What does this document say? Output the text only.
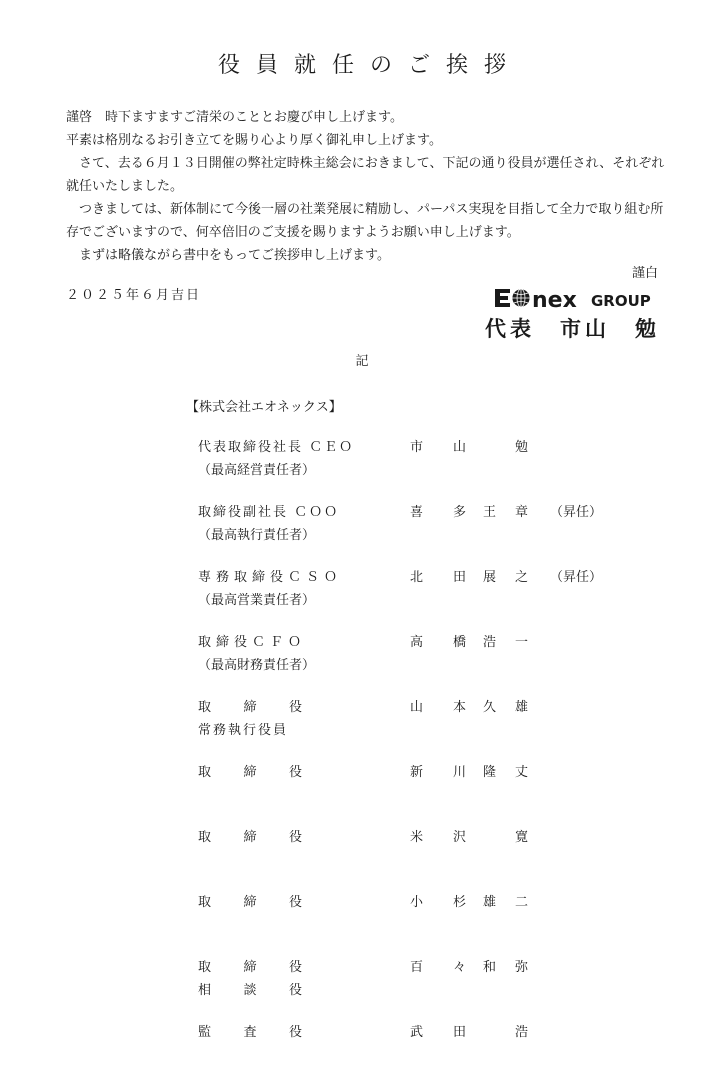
役員就任のご挨拶

謹啓　時下ますますご清栄のこととお慶び申し上げます。

平素は格別なるお引き立てを賜り心より厚く御礼申し上げます。

さて、去る６月１３日開催の弊社定時株主総会におきまして、下記の通り役員が選任され、それぞれ就任いたしました。

つきましては、新体制にて今後一層の社業発展に精励し、パーパス実現を目指して全力で取り組む所存でございますので、何卒倍旧のご支援を賜りますようお願い申し上げます。

まずは略儀ながら書中をもってご挨拶申し上げます。

謹白
２０２５年６月吉日	nex GROUP
代表　市山　勉
記
【株式会社エオネックス】
代表取締役社長 ＣＥＯ	市 山	勉
（最高経営責任者）
取締役副社長 ＣＯＯ	喜 多 王 章 （昇任）
（最高執行責任者）
専務取締役ＣＳＯ	北 田 展 之 （昇任）
（最高営業責任者）
取締役ＣＦＯ	高 橋 浩 一
（最高財務責任者）
取 締 役	山 本 久 雄
常務執行役員
取 締 役	新 川 隆 丈
取 締 役	米 沢	寛
取 締 役	小 杉 雄 二
取 締 役	百 々 和 弥
相 談 役
監 査 役	武 田	浩
